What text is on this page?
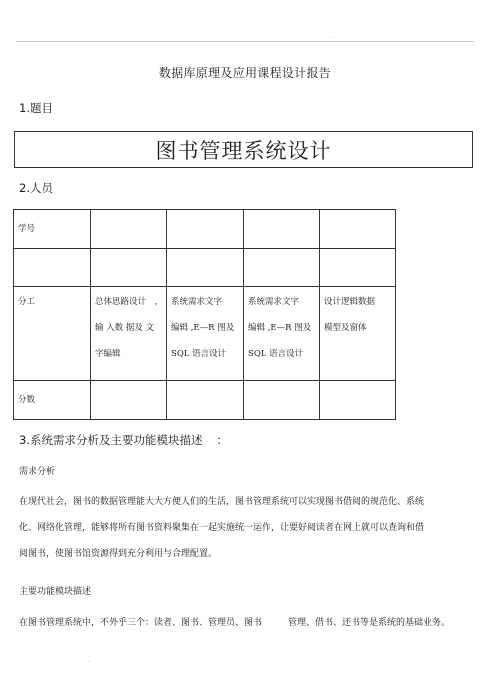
.
数据库原理及应用课程设计报告
1.题目
图书管理系统设计
2.人员
学号				

分工	总体思路设计　，
输 入数 据及 文
字编辑	系统需求文字
编辑 ,E—R 图及
SQL 语言设计	系统需求文字
编辑 ,E—R 图及
SQL 语言设计	设计逻辑数据
模型及窗体

分数				
3.系统需求分析及主要功能模块描述 ：
需求分析
在现代社会，图书的数据管理能大大方便人们的生活，图书管理系统可以实现图书借阅的规范化、系统
化、网络化管理，能够将所有图书资料聚集在一起实施统一运作，让要好阅读者在网上就可以查询和借
阅图书，使图书馆资源得到充分利用与合理配置。
主要功能模块描述
在图书管理系统中，不外乎三个：读者、图书、管理员、图书	管理、借书、还书等是系统的基础业务。
.
